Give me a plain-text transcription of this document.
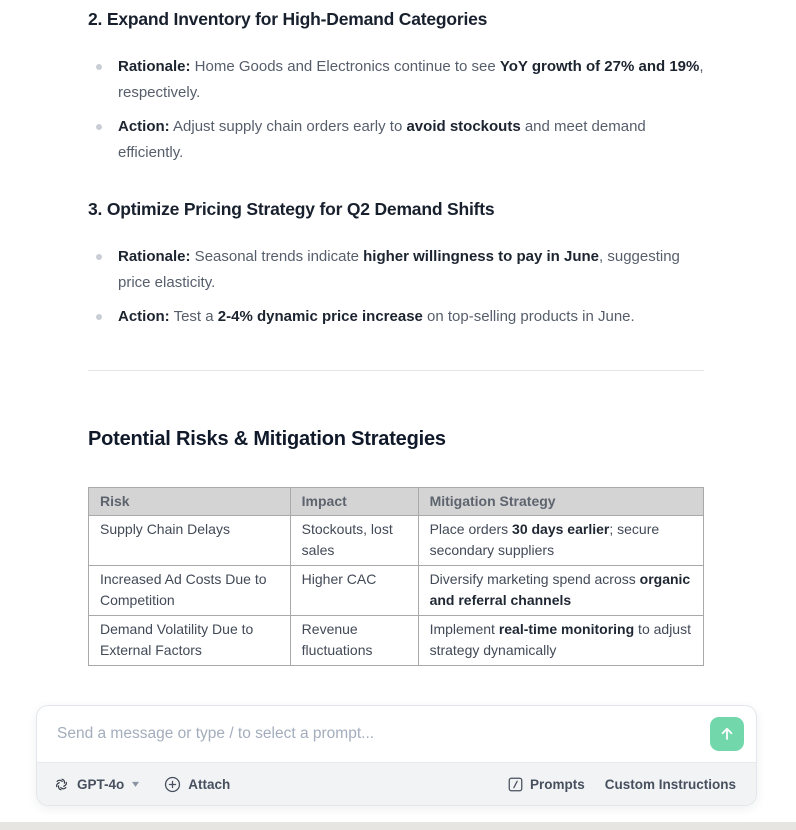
2. Expand Inventory for High-Demand Categories
Rationale: Home Goods and Electronics continue to see YoY growth of 27% and 19%, respectively.
Action: Adjust supply chain orders early to avoid stockouts and meet demand efficiently.
3. Optimize Pricing Strategy for Q2 Demand Shifts
Rationale: Seasonal trends indicate higher willingness to pay in June, suggesting price elasticity.
Action: Test a 2-4% dynamic price increase on top-selling products in June.
Potential Risks & Mitigation Strategies
Risk	Impact	Mitigation Strategy
Supply Chain Delays	Stockouts, lost sales	Place orders 30 days earlier; secure secondary suppliers
Increased Ad Costs Due to Competition	Higher CAC	Diversify marketing spend across organic and referral channels
Demand Volatility Due to External Factors	Revenue fluctuations	Implement real-time monitoring to adjust strategy dynamically
Send a message or type / to select a prompt...
GPT-4o ▾	Attach	Prompts Custom Instructions
